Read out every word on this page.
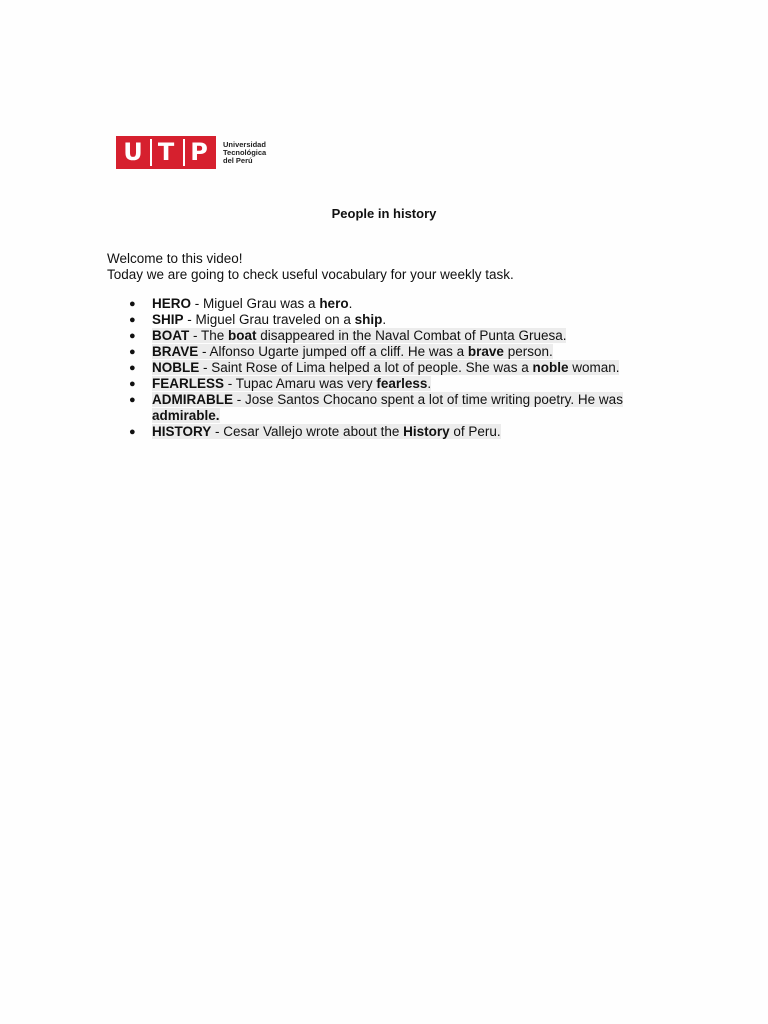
U T P	Universidad
Tecnológica
del Perú
People in history

Welcome to this video!

Today we are going to check useful vocabulary for your weekly task.

● HERO - Miguel Grau was a hero.
● SHIP - Miguel Grau traveled on a ship.
● BOAT - The boat disappeared in the Naval Combat of Punta Gruesa.
● BRAVE - Alfonso Ugarte jumped off a cliff. He was a brave person.
● NOBLE - Saint Rose of Lima helped a lot of people. She was a noble woman.
● FEARLESS - Tupac Amaru was very fearless.
● ADMIRABLE - Jose Santos Chocano spent a lot of time writing poetry. He was admirable.
● HISTORY - Cesar Vallejo wrote about the History of Peru.
